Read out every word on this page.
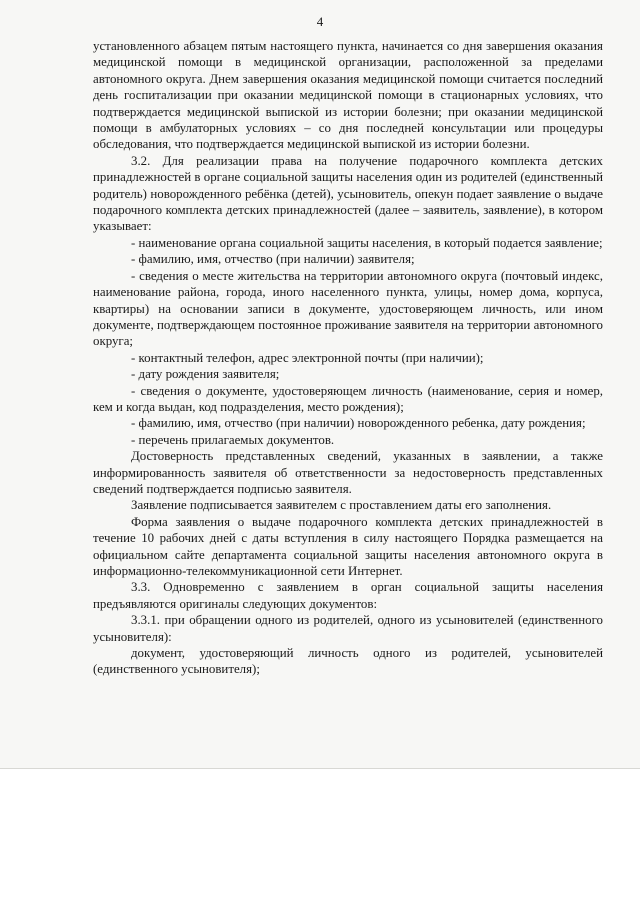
4

установленного абзацем пятым настоящего пункта, начинается со дня завершения оказания медицинской помощи в медицинской организации, расположенной за пределами автономного округа. Днем завершения оказания медицинской помощи считается последний день госпитализации при оказании медицинской помощи в стационарных условиях, что подтверждается медицинской выпиской из истории болезни; при оказании медицинской помощи в амбулаторных условиях – со дня последней консультации или процедуры обследования, что подтверждается медицинской выпиской из истории болезни.

3.2. Для реализации права на получение подарочного комплекта детских принадлежностей в органе социальной защиты населения один из родителей (единственный родитель) новорожденного ребёнка (детей), усыновитель, опекун подает заявление о выдаче подарочного комплекта детских принадлежностей (далее – заявитель, заявление), в котором указывает:

- наименование органа социальной защиты населения, в который подается заявление;

- фамилию, имя, отчество (при наличии) заявителя;

- сведения о месте жительства на территории автономного округа (почтовый индекс, наименование района, города, иного населенного пункта, улицы, номер дома, корпуса, квартиры) на основании записи в документе, удостоверяющем личность, или ином документе, подтверждающем постоянное проживание заявителя на территории автономного округа;

- контактный телефон, адрес электронной почты (при наличии);

- дату рождения заявителя;

- сведения о документе, удостоверяющем личность (наименование, серия и номер, кем и когда выдан, код подразделения, место рождения);

- фамилию, имя, отчество (при наличии) новорожденного ребенка, дату рождения;

- перечень прилагаемых документов.

Достоверность представленных сведений, указанных в заявлении, а также информированность заявителя об ответственности за недостоверность представленных сведений подтверждается подписью заявителя.

Заявление подписывается заявителем с проставлением даты его заполнения.

Форма заявления о выдаче подарочного комплекта детских принадлежностей в течение 10 рабочих дней с даты вступления в силу настоящего Порядка размещается на официальном сайте департамента социальной защиты населения автономного округа в информационно-телекоммуникационной сети Интернет.

3.3. Одновременно с заявлением в орган социальной защиты населения предъявляются оригиналы следующих документов:

3.3.1. при обращении одного из родителей, одного из усыновителей (единственного усыновителя):

документ, удостоверяющий личность одного из родителей, усыновителей (единственного усыновителя);
